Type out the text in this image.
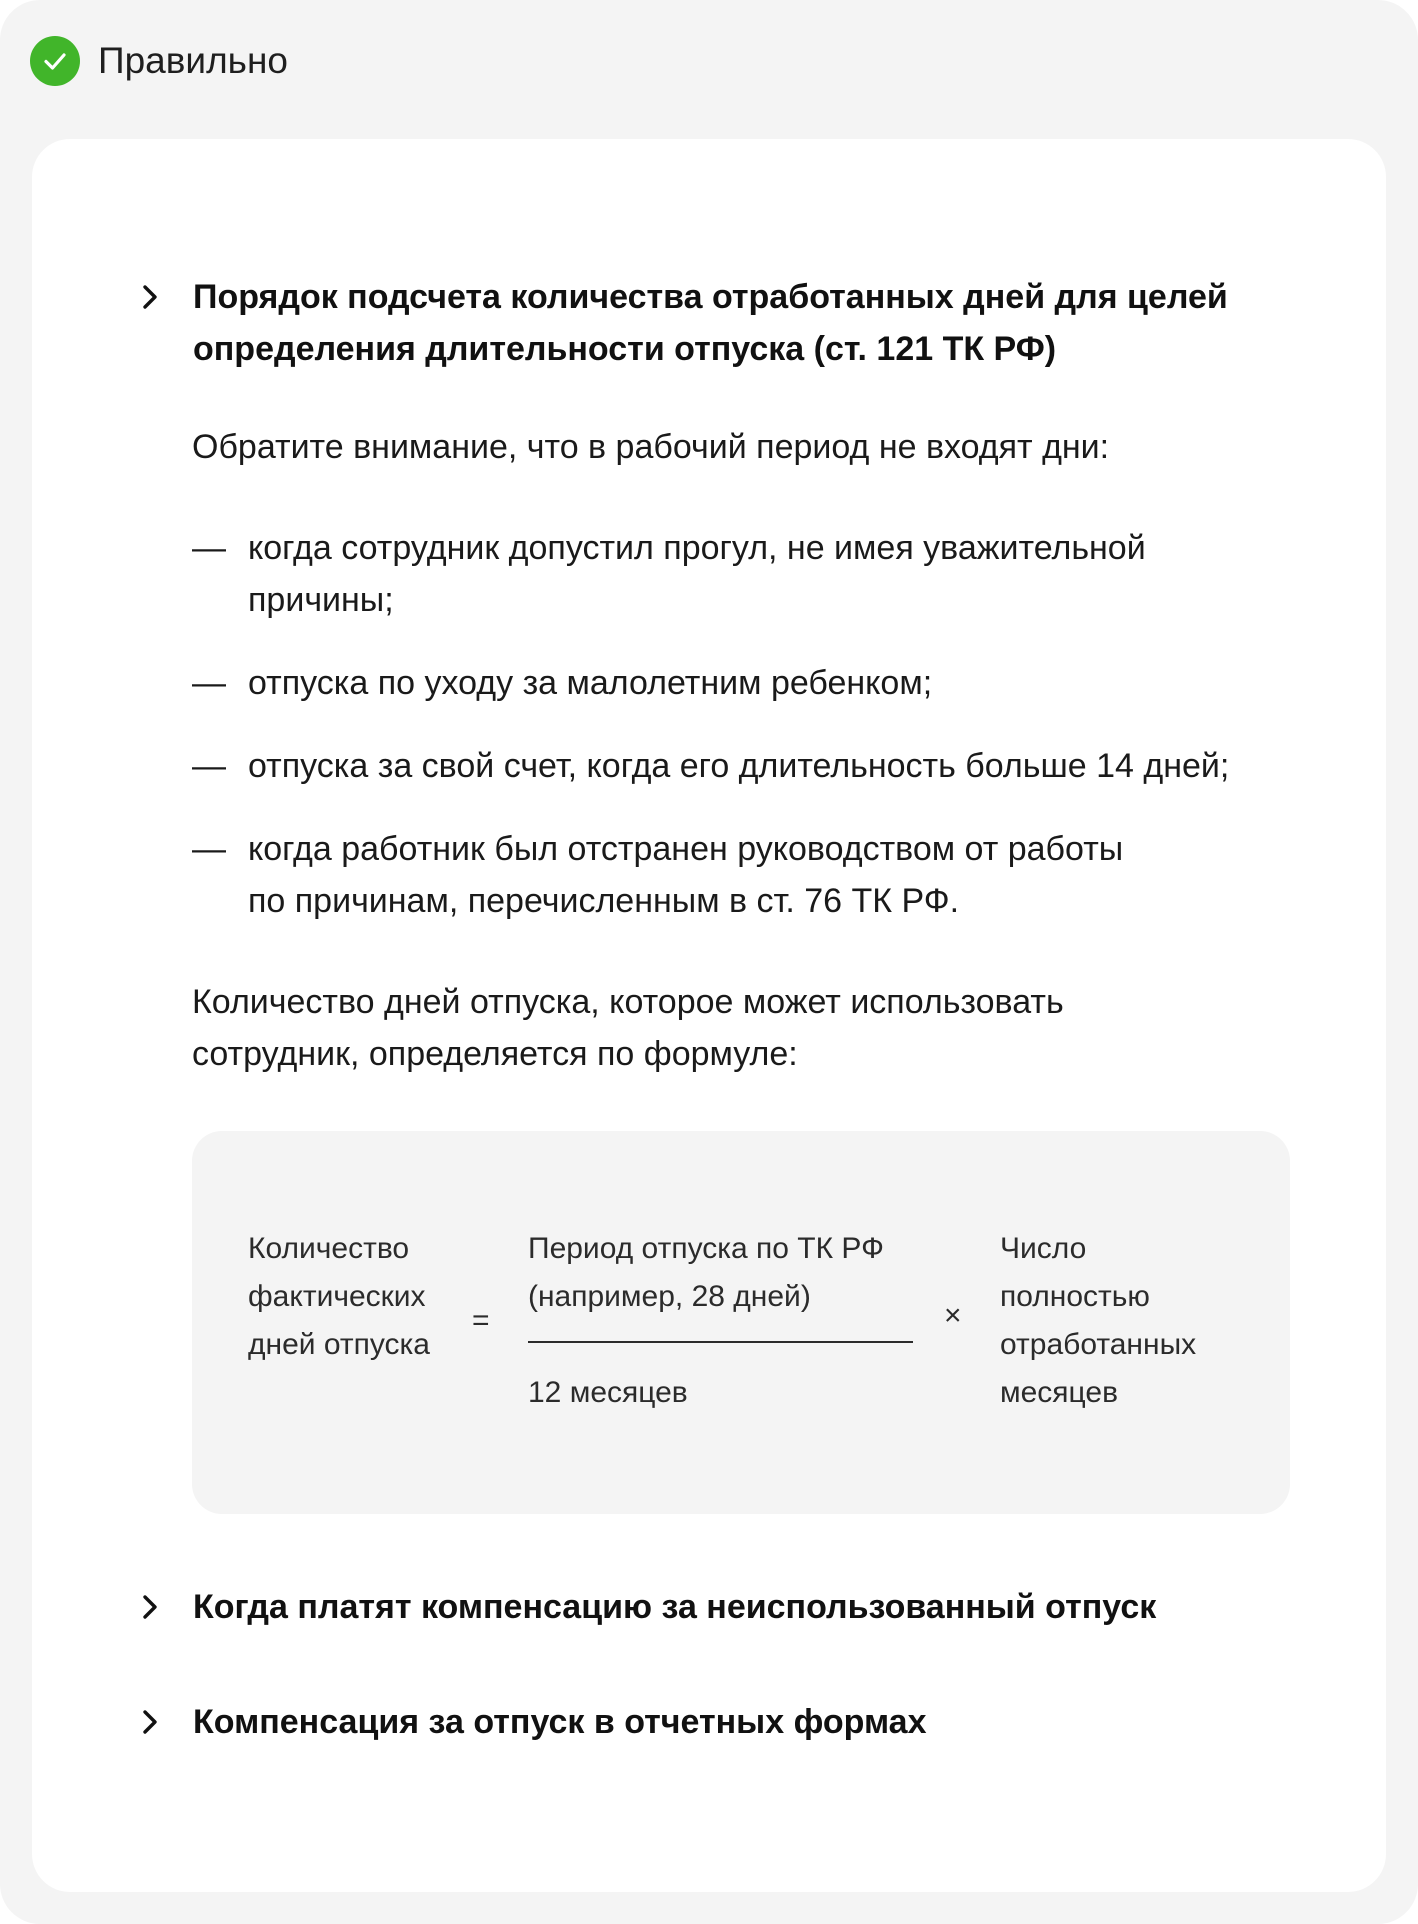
Правильно
Порядок подсчета количества отработанных дней для целей
определения длительности отпуска (ст. 121 ТК РФ)

Обратите внимание, что в рабочий период не входят дни:

— когда сотрудник допустил прогул, не имея уважительной
причины;
— отпуска по уходу за малолетним ребенком;
— отпуска за свой счет, когда его длительность больше 14 дней;
— когда работник был отстранен руководством от работы
по причинам, перечисленным в ст. 76 ТК РФ.

Количество дней отпуска, которое может использовать

сотрудник, определяется по формуле:

Количество
фактических
дней отпуска
=
Период отпуска по ТК РФ
(например, 28 дней)
12 месяцев
×
Число
полностью
отработанных
месяцев
Когда платят компенсацию за неиспользованный отпуск
Компенсация за отпуск в отчетных формах
